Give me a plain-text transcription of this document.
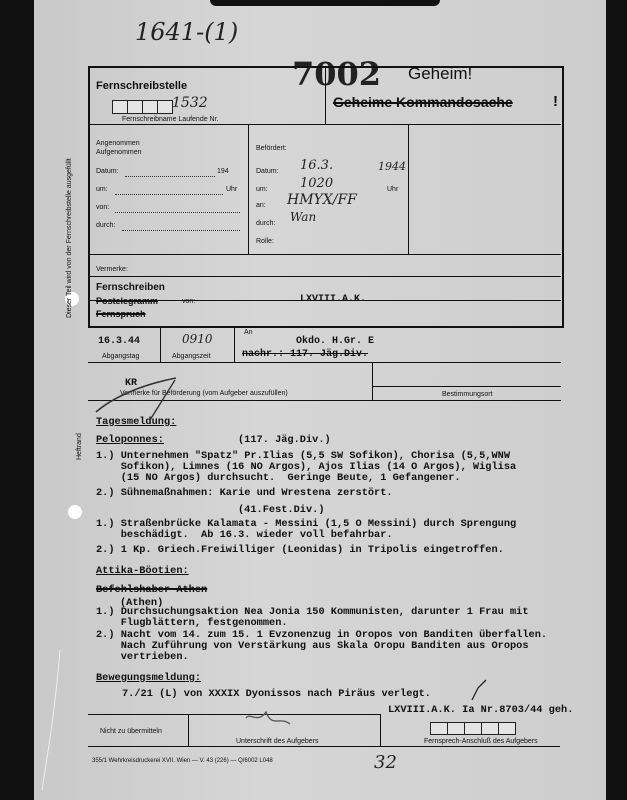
1641-(1)
7002 Geheim!
Geheime Kommandosache	!
Dieser Teil wird von der Fernschreibstelle ausgefüllt
Heftrand
Fernschreibstelle
1532
Fernschreibname Laufende Nr.
Angenommen
Aufgenommen
Datum:	194
um:	Uhr
von:
durch:
Befördert:
Datum: 16.3.	1944
um: 1020	Uhr
an: HMYX/FF
durch: Wan
Rolle:
Vermerke:
Fernschreiben
Postelegramm
Fernspruch
von:	LXVIII.A.K.
16.3.44
Abgangstag
0910
Abgangszeit
An
Okdo. H.Gr. E
nachr.: 117. Jäg.Div.
KR
Vermerke für Beförderung (vom Aufgeber auszufüllen)	Bestimmungsort
Tagesmeldung:
Peloponnes:	(117. Jäg.Div.)
1.) Unternehmen "Spatz" Pr.Ilias (5,5 SW Sofikon), Chorisa (5,5,WNW
Sofikon), Limnes (16 NO Argos), Ajos Ilias (14 O Argos), Wiglisa
(15 NO Argos) durchsucht.  Geringe Beute, 1 Gefangener.
2.) Sühnemaßnahmen: Karie und Wrestena zerstört.
(41.Fest.Div.)
1.) Straßenbrücke Kalamata - Messini (1,5 O Messini) durch Sprengung
beschädigt.  Ab 16.3. wieder voll befahrbar.
2.) 1 Kp. Griech.Freiwilliger (Leonidas) in Tripolis eingetroffen.
Attika-Böotien:
Befehlshaber Athen
(Athen)
1.) Durchsuchungsaktion Nea Jonia 150 Kommunisten, darunter 1 Frau mit
Flugblättern, festgenommen.
2.) Nacht vom 14. zum 15. 1 Evzonenzug in Oropos von Banditen überfallen.
Nach Zuführung von Verstärkung aus Skala Oropu Banditen aus Oropos
vertrieben.
Bewegungsmeldung:
7./21 (L) von XXXIX Dyonissos nach Piräus verlegt.
LXVIII.A.K. Ia Nr.8703/44 geh.
Nicht zu übermitteln
Unterschrift des Aufgebers	Fernsprech-Anschluß des Aufgebers
355/1 Wehrkreisdruckerei XVII. Wien — V. 43 (226) — Q/6002 L048	32
